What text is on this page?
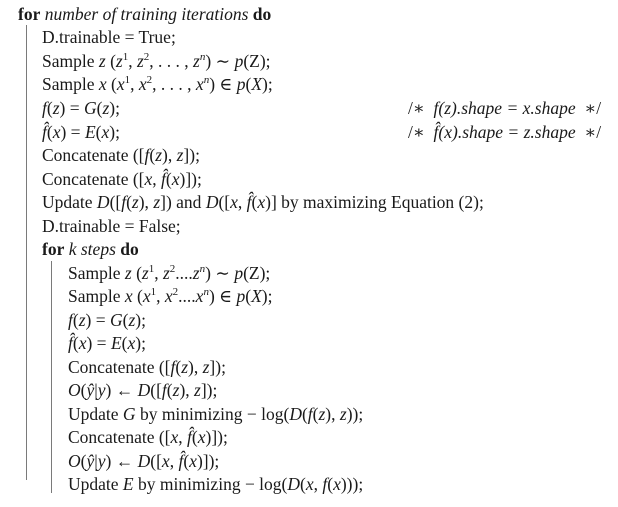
for number of training iterations do
D.trainable = True;
Sample z ($z^1$, $z^2$, . . . , $z^n$) ∼ p(Z);
Sample x ($x^1$, $x^2$, . . . , $x^n$) ∈ p(X);
f(z) = G(z);	/∗ f(z).shape = x.shape ∗/
f̂(x) = E(x);	/∗ f̂(x).shape = z.shape ∗/
Concatenate ([f(z), z]);
Concatenate ([x, f̂(x)]);
Update D([f(z), z]) and D([x, f̂(x)] by maximizing Equation (2);
D.trainable = False;
for k steps do
Sample z ($z^1$, $z^2....z^n$) ∼ p(Z);
Sample x ($x^1$, $x^2....x^n$) ∈ p(X);
f(z) = G(z);
f̂(x) = E(x);
Concatenate ([f(z), z]);
O(ŷ|y) ← D([f(z), z]);
Update G by minimizing − log(D(f(z), z));
Concatenate ([x, f̂(x)]);
O(ŷ|y) ← D([x, f̂(x)]);
Update E by minimizing − log(D(x, f(x)));
